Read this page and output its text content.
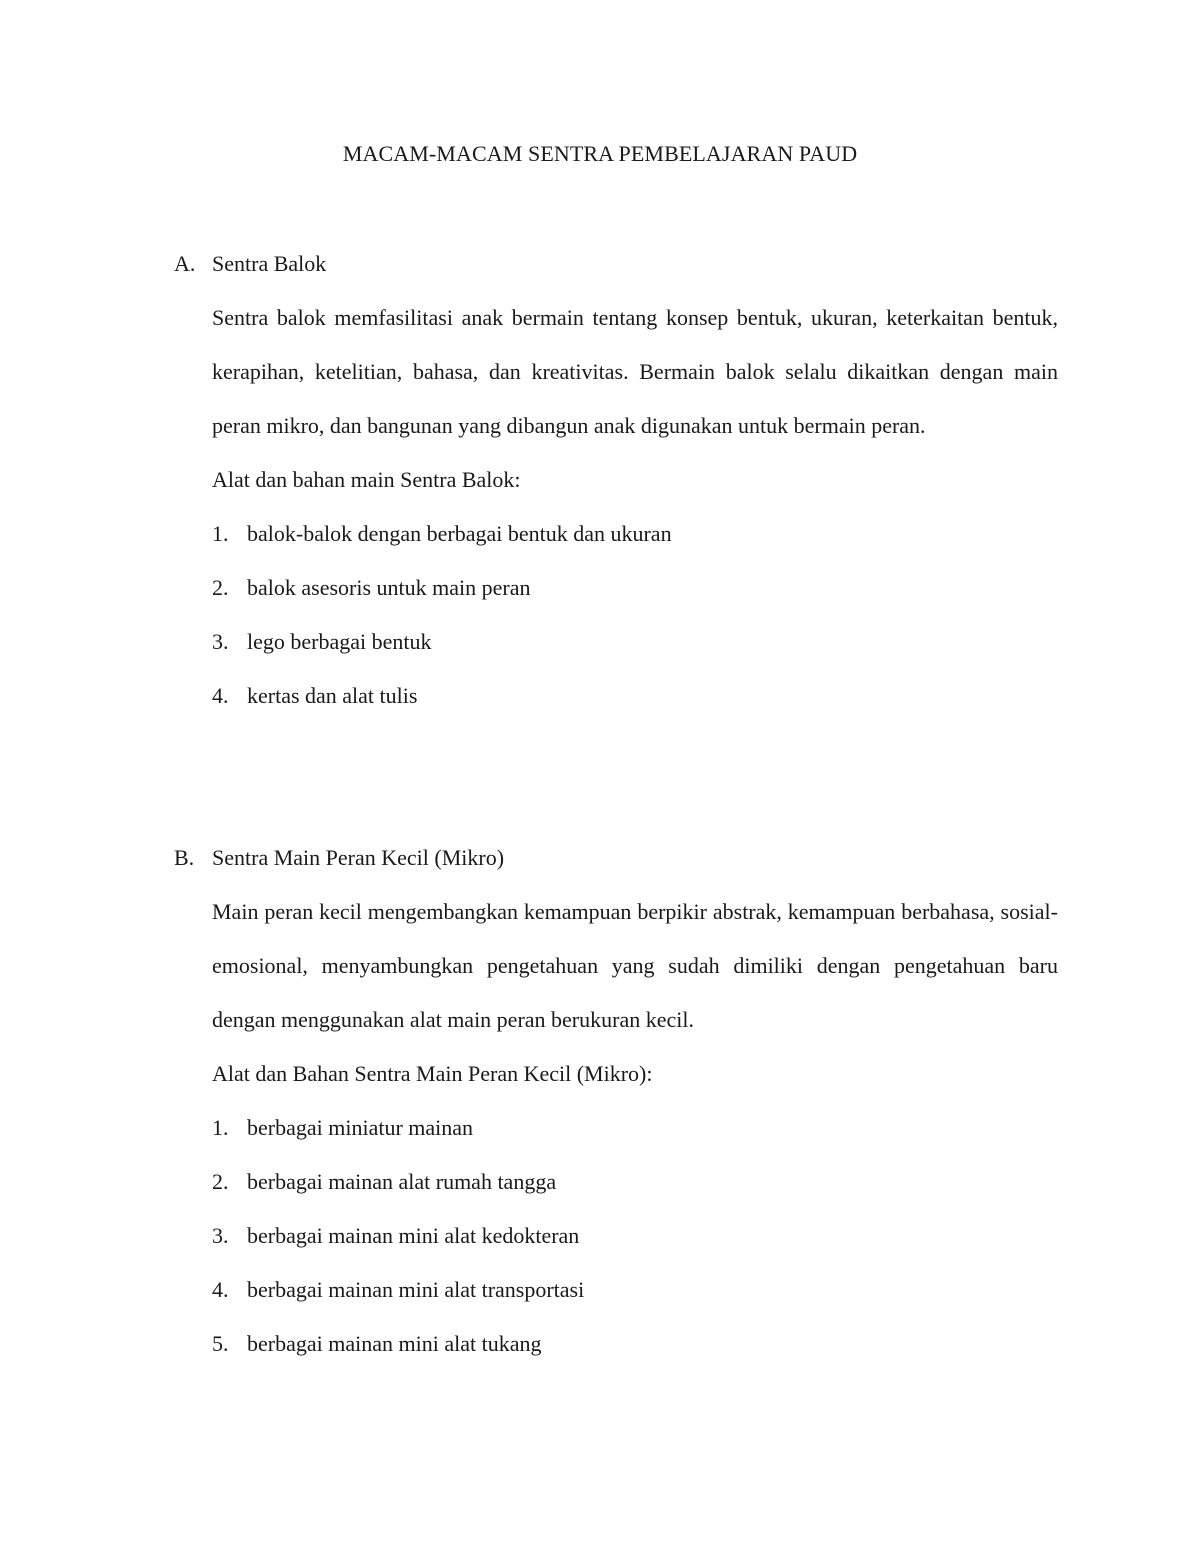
MACAM-MACAM SENTRA PEMBELAJARAN PAUD
A. Sentra Balok
Sentra balok memfasilitasi anak bermain tentang konsep bentuk, ukuran, keterkaitan bentuk, kerapihan, ketelitian, bahasa, dan kreativitas. Bermain balok selalu dikaitkan dengan main peran mikro, dan bangunan yang dibangun anak digunakan untuk bermain peran.
Alat dan bahan main Sentra Balok:
1. balok-balok dengan berbagai bentuk dan ukuran
2. balok asesoris untuk main peran
3. lego berbagai bentuk
4. kertas dan alat tulis
B. Sentra Main Peran Kecil (Mikro)
Main peran kecil mengembangkan kemampuan berpikir abstrak, kemampuan berbahasa, sosial-emosional, menyambungkan pengetahuan yang sudah dimiliki dengan pengetahuan baru dengan menggunakan alat main peran berukuran kecil.
Alat dan Bahan Sentra Main Peran Kecil (Mikro):
1. berbagai miniatur mainan
2. berbagai mainan alat rumah tangga
3. berbagai mainan mini alat kedokteran
4. berbagai mainan mini alat transportasi
5. berbagai mainan mini alat tukang
